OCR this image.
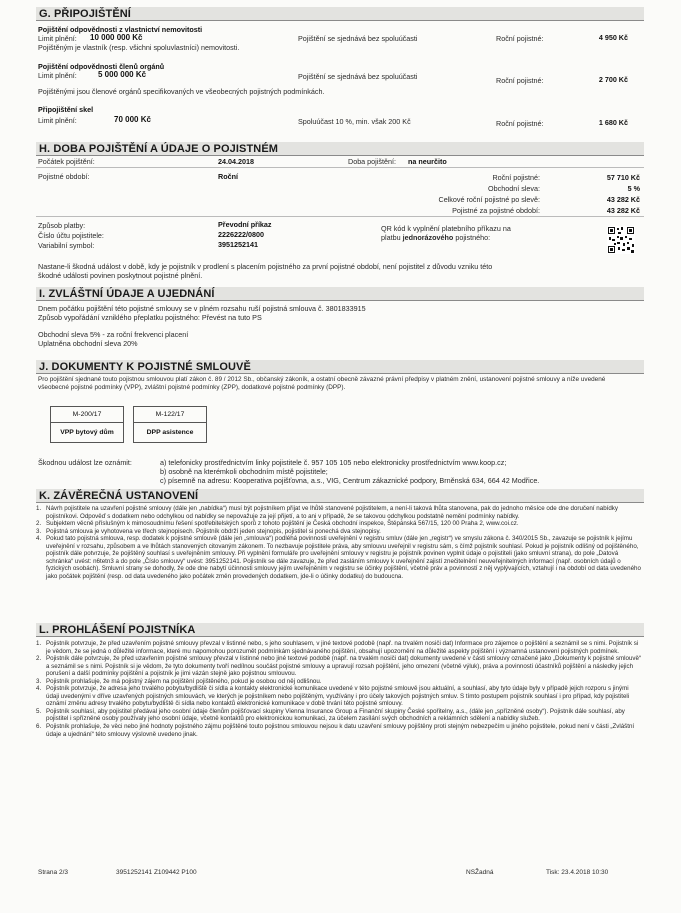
G. PŘIPOJIŠTĚNÍ
Pojištění odpovědnosti z vlastnictví nemovitosti
Limit plnění: 10 000 000 Kč	Pojištění se sjednává bez spoluúčasti	Roční pojistné:	4 950 Kč
Pojištěným je vlastník (resp. všichni spoluvlastníci) nemovitosti.
Pojištění odpovědnosti členů orgánů
Limit plnění:	5 000 000 Kč	Pojištění se sjednává bez spoluúčasti	Roční pojistné:	2 700 Kč
Pojištěnými jsou členové orgánů specifikovaných ve všeobecných pojistných podmínkách.
Připojištění skel
Limit plnění:	70 000 Kč	Spoluúčast 10 %, min. však 200 Kč	Roční pojistné:	1 680 Kč
H. DOBA POJIŠTĚNÍ A ÚDAJE O POJISTNÉM
Počátek pojištění:	24.04.2018	Doba pojištění: na neurčito
Pojistné období:	Roční	Roční pojistné:	57 710 Kč
Obchodní sleva:	5 %
Celkové roční pojistné po slevě:	43 282 Kč
Pojistné za pojistné období:	43 282 Kč
Způsob platby:	Převodní příkaz
Číslo účtu pojistitele:	2226222/0800
Variabilní symbol:	3951252141
QR kód k vyplnění platebního příkazu na
platbu jednorázového pojistného:
Nastane-li škodná událost v době, kdy je pojistník v prodlení s placením pojistného za první pojistné období, není pojistitel z důvodu vzniku této
škodné události povinen poskytnout pojistné plnění.
I. ZVLÁŠTNÍ ÚDAJE A UJEDNÁNÍ
Dnem počátku pojištění této pojistné smlouvy se v plném rozsahu ruší pojistná smlouva č. 3801833915
Způsob vypořádání vzniklého přeplatku pojistného: Převést na tuto PS
Obchodní sleva 5% - za roční frekvenci placení
Uplatněna obchodní sleva 20%
J. DOKUMENTY K POJISTNÉ SMLOUVĚ
Pro pojištění sjednané touto pojistnou smlouvou platí zákon č. 89 / 2012 Sb., občanský zákoník, a ostatní obecně závazné právní předpisy v platném znění, ustanovení pojistné smlouvy a níže uvedené všeobecné pojistné podmínky (VPP), zvláštní pojistné podmínky (ZPP), dodatkové pojistné podmínky (DPP).
M-200/17
VPP bytový dům
M-122/17
DPP asistence
Škodnou událost lze oznámit:	a) telefonicky prostřednictvím linky pojistitele č. 957 105 105 nebo elektronicky prostřednictvím www.koop.cz;
b) osobně na kterémkoli obchodním místě pojistitele;
c) písemně na adresu: Kooperativa pojišťovna, a.s., VIG, Centrum zákaznické podpory, Brněnská 634, 664 42 Modřice.
K. ZÁVĚREČNÁ USTANOVENÍ
1. Návrh pojistitele na uzavření pojistné smlouvy (dále jen „nabídka“) musí být pojistníkem přijat ve lhůtě stanovené pojistitelem, a není-li taková lhůta stanovena, pak do jednoho měsíce ode dne doručení nabídky pojistníkovi. Odpověď s dodatkem nebo odchylkou od nabídky se nepovažuje za její přijetí, a to ani v případě, že se takovou odchylkou podstatně nemění podmínky nabídky.
2. Subjektem věcně příslušným k mimosoudnímu řešení spotřebitelských sporů z tohoto pojištění je Česká obchodní inspekce, Štěpánská 567/15, 120 00 Praha 2, www.coi.cz.
3. Pojistná smlouva je vyhotovena ve třech stejnopisech. Pojistník obdrží jeden stejnopis, pojistitel si ponechá dva stejnopisy.
4. Pokud tato pojistná smlouva, resp. dodatek k pojistné smlouvě (dále jen „smlouva“) podléhá povinnosti uveřejnění v registru smluv (dále jen „registr“) ve smyslu zákona č. 340/2015 Sb., zavazuje se pojistník k jejímu uveřejnění v rozsahu, způsobem a ve lhůtách stanovených citovaným zákonem. To nezbavuje pojistitele práva, aby smlouvu uveřejnil v registru sám, s čímž pojistník souhlasí. Pokud je pojistník odlišný od pojištěného, pojistník dále potvrzuje, že pojištěný souhlasí s uveřejněním smlouvy. Při vyplnění formuláře pro uveřejnění smlouvy v registru je pojistník povinen vyplnit údaje o pojistiteli (jako smluvní strana), do pole „Datová schránka“ uvést: n6tetn3 a do pole „Číslo smlouvy“ uvést: 3951252141. Pojistník se dále zavazuje, že před zasláním smlouvy k uveřejnění zajistí znečitelnění neuveřejnitelných informací (např. osobních údajů o fyzických osobách). Smluvní strany se dohodly, že ode dne nabytí účinnosti smlouvy jejím uveřejněním v registru se účinky pojištění, včetně práv a povinností z něj vyplývajících, vztahují i na období od data uvedeného jako počátek pojištění (resp. od data uvedeného jako počátek změn provedených dodatkem, jde-li o účinky dodatku) do budoucna.
L. PROHLÁŠENÍ POJISTNÍKA
1. Pojistník potvrzuje, že před uzavřením pojistné smlouvy převzal v listinné nebo, s jeho souhlasem, v jiné textové podobě (např. na trvalém nosiči dat) Informace pro zájemce o pojištění a seznámil se s nimi. Pojistník si je vědom, že se jedná o důležité informace, které mu napomohou porozumět podmínkám sjednávaného pojištění, obsahují upozornění na důležité aspekty pojištění i významná ustanovení pojistných podmínek.
2. Pojistník dále potvrzuje, že před uzavřením pojistné smlouvy převzal v listinné nebo jiné textové podobě (např. na trvalém nosiči dat) dokumenty uvedené v části smlouvy označené jako „Dokumenty k pojistné smlouvě“ a seznámil se s nimi. Pojistník si je vědom, že tyto dokumenty tvoří nedílnou součást pojistné smlouvy a upravují rozsah pojištění, jeho omezení (včetně výluk), práva a povinnosti účastníků pojištění a následky jejich porušení a další podmínky pojištění a pojistník je jimi vázán stejně jako pojistnou smlouvou.
3. Pojistník prohlašuje, že má pojistný zájem na pojištění pojištěného, pokud je osobou od něj odlišnou.
4. Pojistník potvrzuje, že adresa jeho trvalého pobytu/bydliště či sídla a kontakty elektronické komunikace uvedené v této pojistné smlouvě jsou aktuální, a souhlasí, aby tyto údaje byly v případě jejich rozporu s jinými údaji uvedenými v dříve uzavřených pojistných smlouvách, ve kterých je pojistníkem nebo pojištěným, využívány i pro účely takových pojistných smluv. S tímto postupem pojistník souhlasí i pro případ, kdy pojistiteli oznámí změnu adresy trvalého pobytu/bydliště či sídla nebo kontaktů elektronické komunikace v době trvání této pojistné smlouvy.
5. Pojistník souhlasí, aby pojistitel předával jeho osobní údaje členům pojišťovací skupiny Vienna Insurance Group a Finanční skupiny České spořitelny, a.s., (dále jen „spřízněné osoby“). Pojistník dále souhlasí, aby pojistitel i spřízněné osoby používaly jeho osobní údaje, včetně kontaktů pro elektronickou komunikaci, za účelem zasílání svých obchodních a reklamních sdělení a nabídky služeb.
6. Pojistník prohlašuje, že věci nebo jiné hodnoty pojistného zájmu pojištěné touto pojistnou smlouvou nejsou k datu uzavření smlouvy pojištěny proti stejným nebezpečím u jiného pojistitele, pokud není v části „Zvláštní údaje a ujednání“ této smlouvy výslovně uvedeno jinak.
Strana 2/3	3951252141 Z109442 P100	NSŽadná	Tisk: 23.4.2018 10:30
